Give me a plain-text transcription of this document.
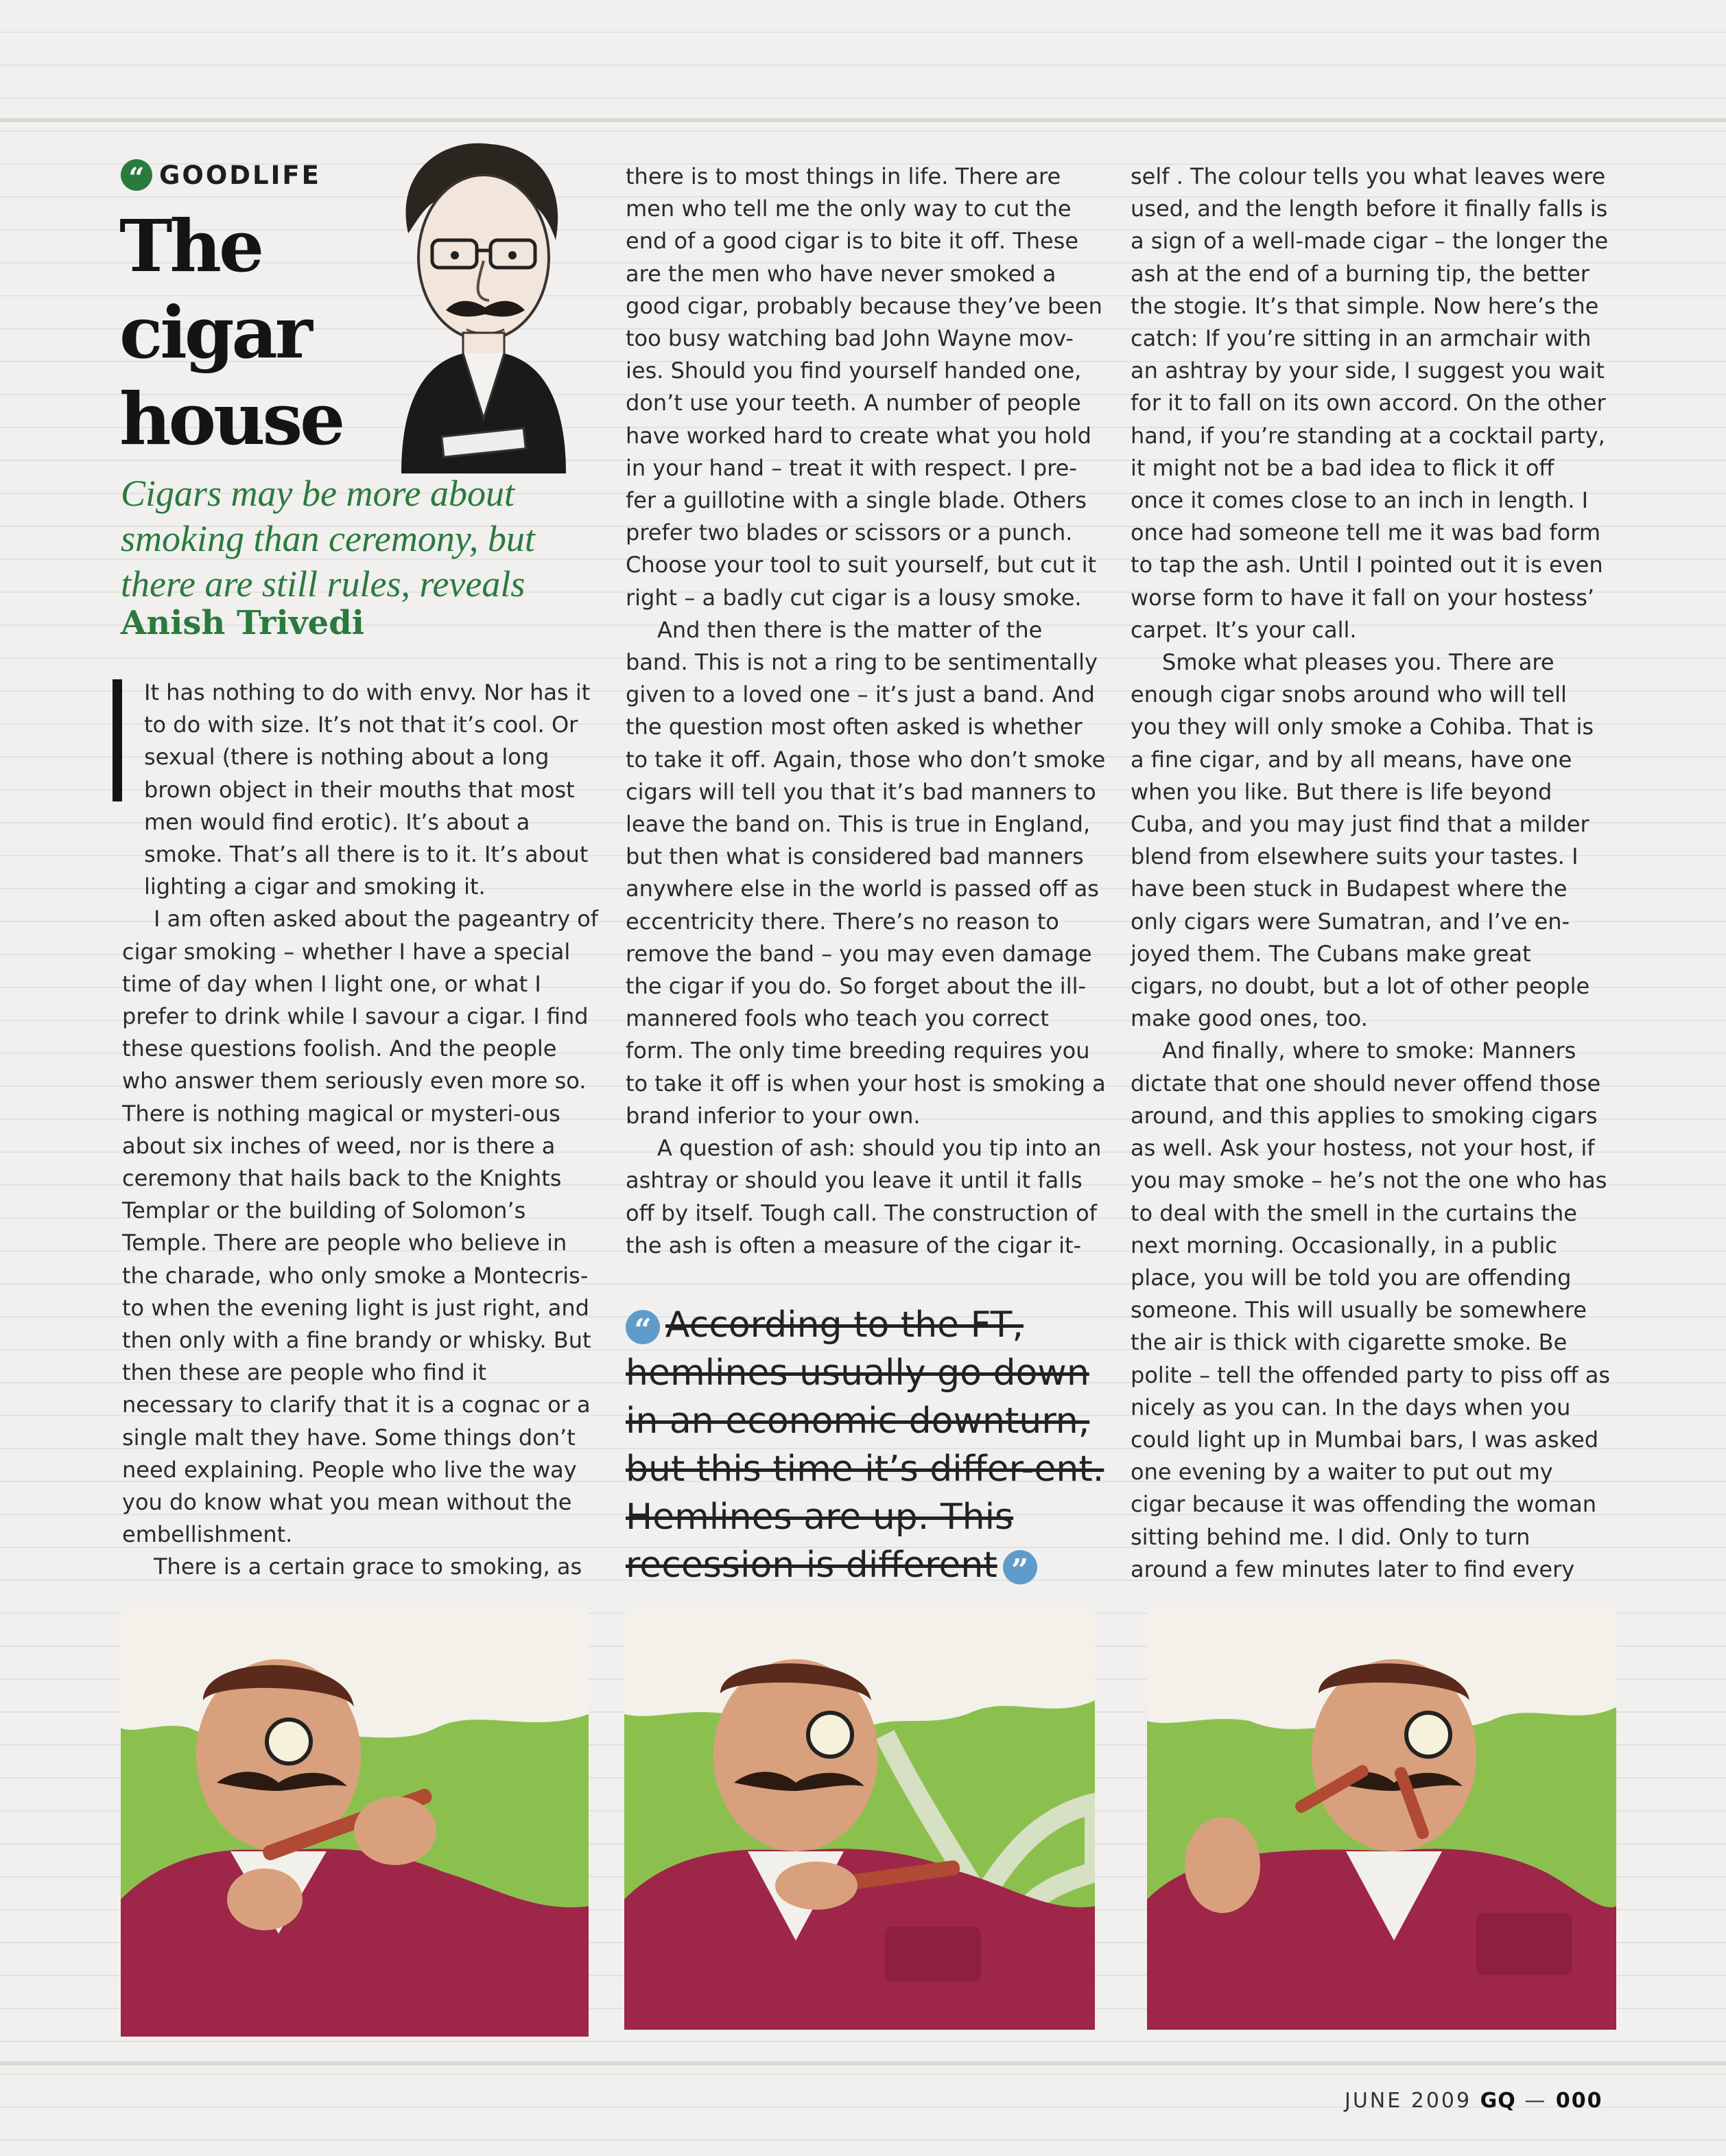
“ GOODLIFE
The
cigar
house
Cigars may be more about smoking than ceremony, but there are still rules, reveals
Anish Trivedi

It has nothing to do with envy. Nor has it to do with size. It’s not that it’s cool. Or sexual (there is nothing about a long brown object in their mouths that most men would find erotic). It’s about a smoke. That’s all there is to it. It’s about lighting a cigar and smoking it.

I am often asked about the pageantry of cigar smoking – whether I have a special time of day when I light one, or what I prefer to drink while I savour a cigar. I find these questions foolish. And the people who answer them seriously even more so. There is nothing magical or mysteri-ous about six inches of weed, nor is there a ceremony that hails back to the Knights Templar or the building of Solomon’s Temple. There are people who believe in the charade, who only smoke a Montecris-to when the evening light is just right, and then only with a fine brandy or whisky. But then these are people who find it necessary to clarify that it is a cognac or a single malt they have. Some things don’t need explaining. People who live the way you do know what you mean without the embellishment.

There is a certain grace to smoking, as

there is to most things in life. There are men who tell me the only way to cut the end of a good cigar is to bite it off. These are the men who have never smoked a good cigar, probably because they’ve been too busy watching bad John Wayne mov-ies. Should you find yourself handed one, don’t use your teeth. A number of people have worked hard to create what you hold in your hand – treat it with respect. I pre-fer a guillotine with a single blade. Others prefer two blades or scissors or a punch. Choose your tool to suit yourself, but cut it right – a badly cut cigar is a lousy smoke.

And then there is the matter of the band. This is not a ring to be sentimentally given to a loved one – it’s just a band. And the question most often asked is whether to take it off. Again, those who don’t smoke cigars will tell you that it’s bad manners to leave the band on. This is true in England, but then what is considered bad manners anywhere else in the world is passed off as eccentricity there. There’s no reason to remove the band – you may even damage the cigar if you do. So forget about the ill-mannered fools who teach you correct form. The only time breeding requires you to take it off is when your host is smoking a brand inferior to your own.

A question of ash: should you tip into an ashtray or should you leave it until it falls off by itself. Tough call. The construction of the ash is often a measure of the cigar it-

“ According to the FT, hemlines usually go down in an economic downturn, but this time it’s differ-ent. Hemlines are up. This recession is different ”

self . The colour tells you what leaves were used, and the length before it finally falls is a sign of a well-made cigar – the longer the ash at the end of a burning tip, the better the stogie. It’s that simple. Now here’s the catch: If you’re sitting in an armchair with an ashtray by your side, I suggest you wait for it to fall on its own accord. On the other hand, if you’re standing at a cocktail party, it might not be a bad idea to flick it off once it comes close to an inch in length. I once had someone tell me it was bad form to tap the ash. Until I pointed out it is even worse form to have it fall on your hostess’ carpet. It’s your call.

Smoke what pleases you. There are enough cigar snobs around who will tell you they will only smoke a Cohiba. That is a fine cigar, and by all means, have one when you like. But there is life beyond Cuba, and you may just find that a milder blend from elsewhere suits your tastes. I have been stuck in Budapest where the only cigars were Sumatran, and I’ve en-joyed them. The Cubans make great cigars, no doubt, but a lot of other people make good ones, too.

And finally, where to smoke: Manners dictate that one should never offend those around, and this applies to smoking cigars as well. Ask your hostess, not your host, if you may smoke – he’s not the one who has to deal with the smell in the curtains the next morning. Occasionally, in a public place, you will be told you are offending someone. This will usually be somewhere the air is thick with cigarette smoke. Be polite – tell the offended party to piss off as nicely as you can. In the days when you could light up in Mumbai bars, I was asked one evening by a waiter to put out my cigar because it was offending the woman sitting behind me. I did. Only to turn around a few minutes later to find every

JUNE 2009 GQ — 000
